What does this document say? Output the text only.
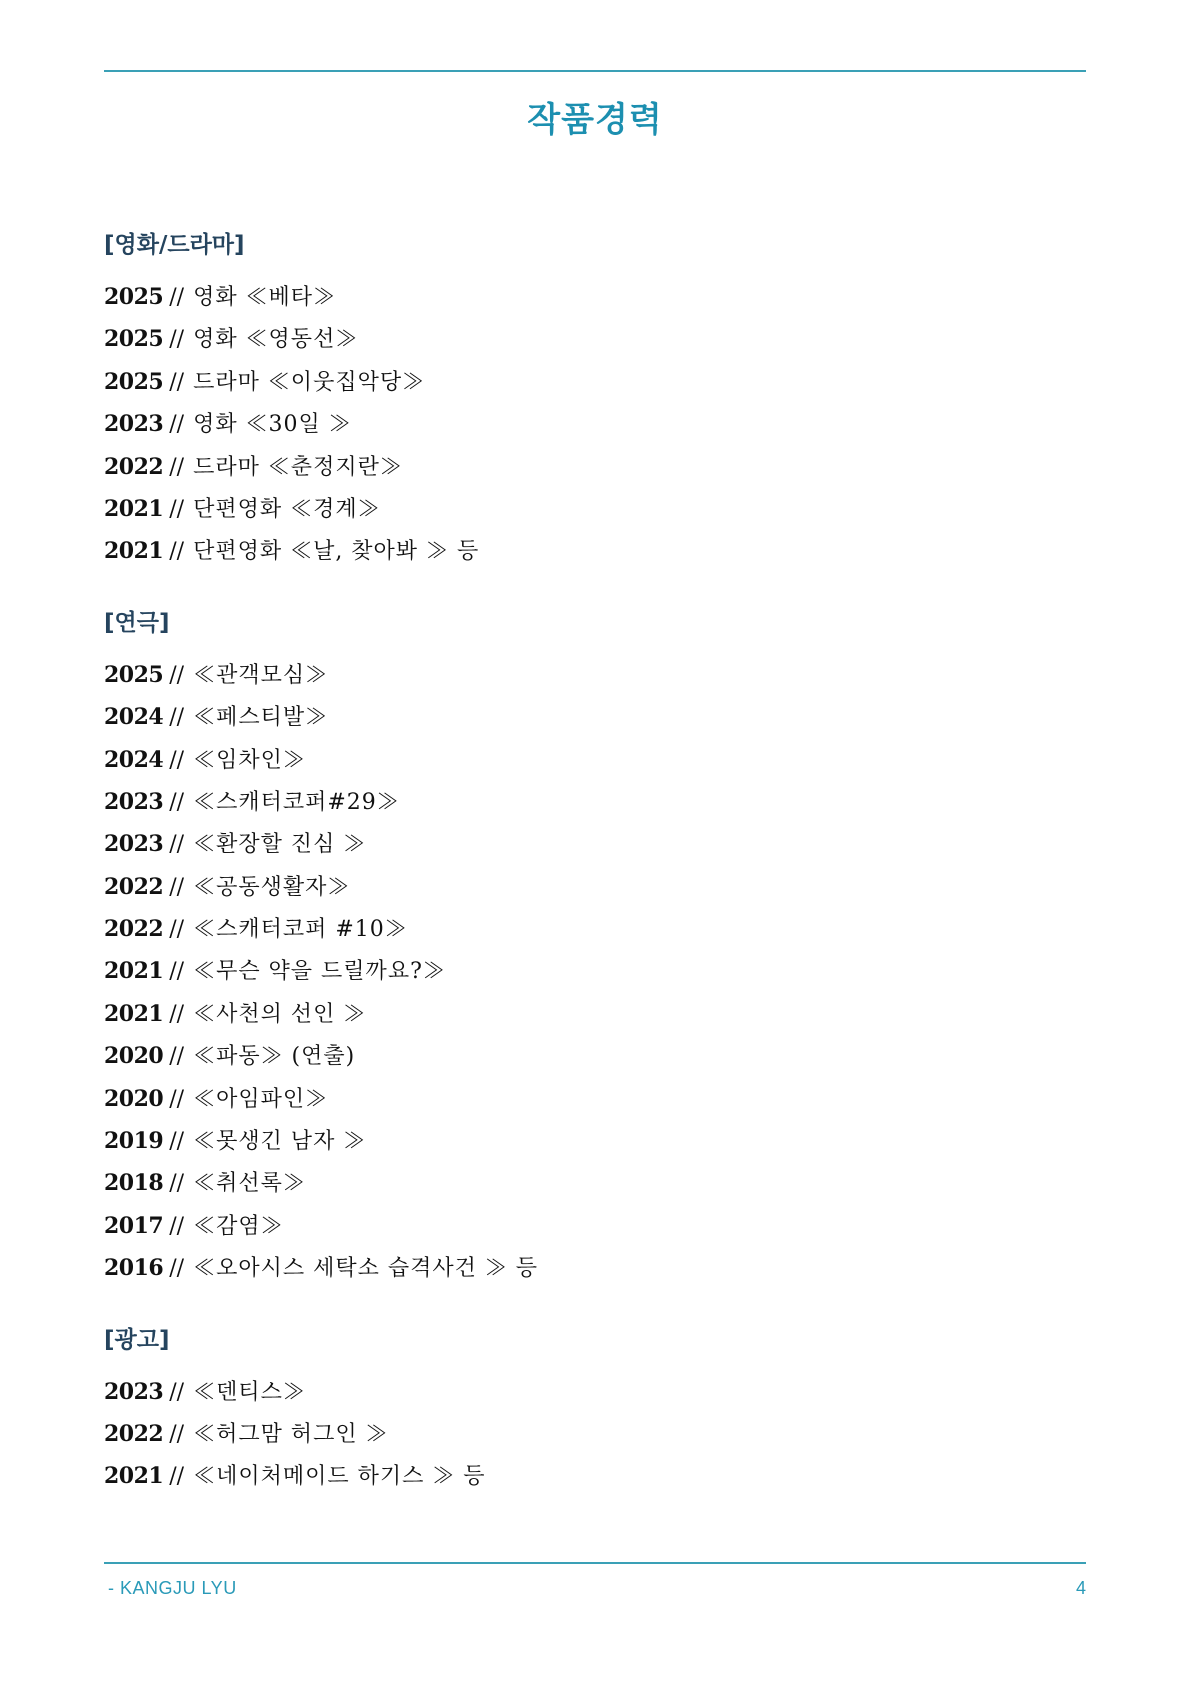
작품경력
[영화/드라마]
2025 // 영화 ≪베타≫
2025 // 영화 ≪영동선≫
2025 // 드라마 ≪이웃집악당≫
2023 // 영화 ≪30일 ≫
2022 // 드라마 ≪춘정지란≫
2021 // 단편영화 ≪경계≫
2021 // 단편영화 ≪날, 찾아봐 ≫ 등
[연극]
2025 // ≪관객모심≫
2024 // ≪페스티발≫
2024 // ≪임차인≫
2023 // ≪스캐터코퍼#29≫
2023 // ≪환장할 진심 ≫
2022 // ≪공동생활자≫
2022 // ≪스캐터코퍼 #10≫
2021 // ≪무슨 약을 드릴까요?≫
2021 // ≪사천의 선인 ≫
2020 // ≪파동≫ (연출)
2020 // ≪아임파인≫
2019 // ≪못생긴 남자 ≫
2018 // ≪취선록≫
2017 // ≪감염≫
2016 // ≪오아시스 세탁소 습격사건 ≫ 등
[광고]
2023 // ≪덴티스≫
2022 // ≪허그맘 허그인 ≫
2021 // ≪네이처메이드 하기스 ≫ 등
- KANGJU LYU	4
